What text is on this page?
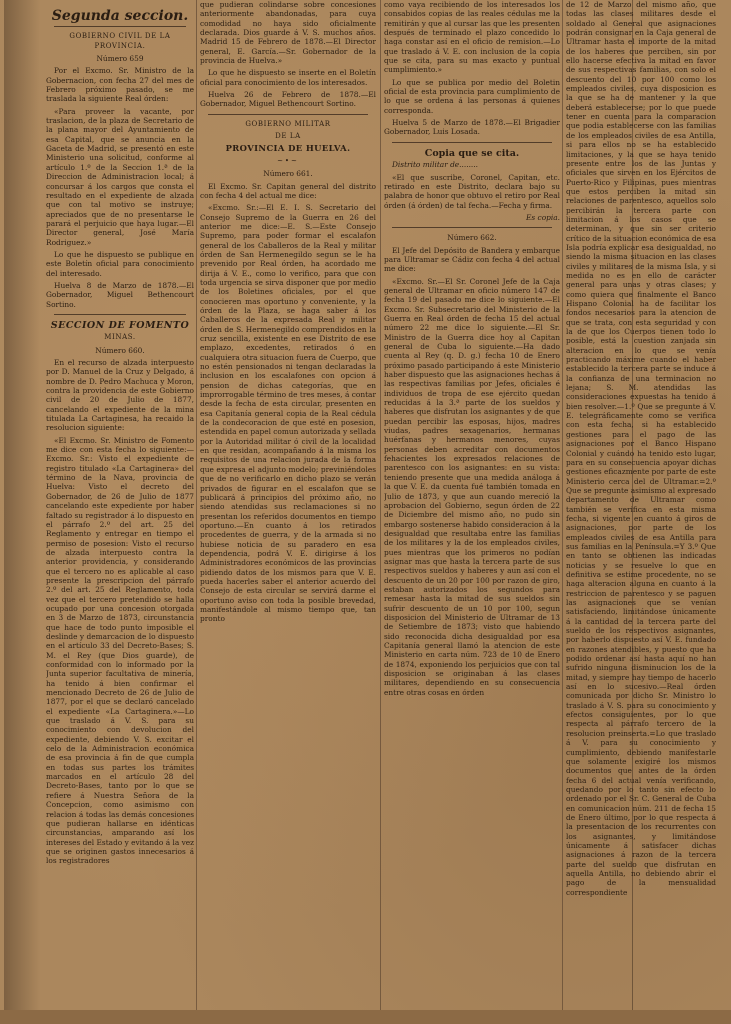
Segunda seccion.
GOBIERNO CIVIL DE LA PROVINCIA.
Número 659

Por el Excmo. Sr. Ministro de la Gobernacion, con fecha 27 del mes de Febrero próximo pasado, se me traslada la siguiente Real órden:

«Para proveer la vacante, por traslacion, de la plaza de Secretario de la plana mayor del Ayuntamiento de esa Capital, que se anuncia en la Gaceta de Madrid, se presentó en este Ministerio una solicitud, conforme al artículo 1.º de la Seccion 1.ª de la Direccion de Administracion local; á concursar á los cargos que consta el resultado en el expediente de alzada que con tal motivo se instruye; apreciados que de no presentarse le parará el perjuicio que haya lugar.—El Director general, José María Rodriguez.»

Lo que he dispuesto se publique en este Boletín oficial para conocimiento del interesado.

Huelva 8 de Marzo de 1878.—El Gobernador, Miguel Bethencourt Sortino.

SECCION DE FOMENTO
MINAS.
Número 660.

En el recurso de alzada interpuesto por D. Manuel de la Cruz y Delgado, á nombre de D. Pedro Machuca y Moron, contra la providencia de este Gobierno civil de 20 de Julio de 1877, cancelando el expediente de la mina titulada La Cartaginesa, ha recaido la resolucion siguiente:

«El Excmo. Sr. Ministro de Fomento me dice con esta fecha lo siguiente:—Excmo. Sr.: Visto el expediente de registro titulado «La Cartaginera» del término de la Nava, provincia de Huelva: Visto el decreto del Gobernador, de 26 de Julio de 1877 cancelando este expediente por haber faltado su registrador á lo dispuesto en el párrafo 2.º del art. 25 del Reglamento y entregar en tiempo el permiso de posesion: Visto el recurso de alzada interpuesto contra la anterior providencia, y considerando que el tercero no es aplicable al caso presente la prescripcion del párrafo 2.º del art. 25 del Reglamento, toda vez que el tercero pretendido se halla ocupado por una concesion otorgada en 3 de Marzo de 1873, circunstancia que hace de todo punto imposible el deslinde y demarcacion de lo dispuesto en el artículo 33 del Decreto-Bases; S. M. el Rey (que Dios guarde), de conformidad con lo informado por la Junta superior facultativa de minería, ha tenido á bien confirmar el mencionado Decreto de 26 de Julio de 1877, por el que se declaró cancelado el expediente «La Cartaginera.»—Lo que traslado á V. S. para su conocimiento con devolucion del expediente, debiendo V. S. excitar el celo de la Administracion económica de esa provincia á fin de que cumpla en todas sus partes los trámites marcados en el artículo 28 del Decreto-Bases, tanto por lo que se refiere á Nuestra Señora de la Concepcion, como asimismo con relacion á todas las demás concesiones que pudieran hallarse en idénticas circunstancias, amparando así los intereses del Estado y evitando á la vez que se originen gastos innecesarios á los registradores

que pudieran colindarse sobre concesiones anteriormente abandonadas, para cuya comodidad no haya sido oficialmente declarada. Dios guarde á V. S. muchos años. Madrid 15 de Febrero de 1878.—El Director general, E. García.—Sr. Gobernador de la provincia de Huelva.»

Lo que he dispuesto se inserte en el Boletín oficial para conocimiento de los interesados.

Huelva 26 de Febrero de 1878.—El Gobernador, Miguel Bethencourt Sortino.

GOBIERNO MILITAR
DE LA
PROVINCIA DE HUELVA.
~•~
Número 661.

El Excmo. Sr. Capitan general del distrito con fecha 4 del actual me dice:

«Excmo. Sr.:—El E. I. S. Secretario del Consejo Supremo de la Guerra en 26 del anterior me dice:—E. S.—Este Consejo Supremo, para poder formar el escalafon general de los Caballeros de la Real y militar órden de San Hermenegildo segun se le ha prevenido por Real órden, ha acordado me dirija á V. E., como lo verifico, para que con toda urgencia se sirva disponer que por medio de los Boletines oficiales, por el que conocieren mas oportuno y conveniente, y la órden de la Plaza, se haga saber á los Caballeros de la expresada Real y militar órden de S. Hermenegildo comprendidos en la cruz sencilla, existente en ese Distrito de ese emplazo, excedentes, retirados ó en cualquiera otra situacion fuera de Cuerpo, que no estén pensionados ni tengan declaradas la inclusion en los escalafones con opcion á pension de dichas categorías, que en improrrogable término de tres meses, á contar desde la fecha de esta circular, presenten en esa Capitanía general copia de la Real cédula de la condecoracion de que esté en posesion, estendida en papel comun autorizada y sellada por la Autoridad militar ó civil de la localidad en que residan, acompañando á la misma los requisitos de una relacion jurada de la forma que expresa el adjunto modelo; previniéndoles que de no verificarlo en dicho plazo se verán privados de figurar en el escalafon que se publicará á principios del próximo año, no siendo atendidas sus reclamaciones si no presentan los referidos documentos en tiempo oportuno.—En cuanto á los retirados procedentes de guerra, y de la armada si no hubiese noticia de su paradero en esa dependencia, podrá V. E. dirigirse á los Administradores económicos de las provincias pidiendo datos de los mismos para que V. E. pueda hacerles saber el anterior acuerdo del Consejo de esta circular se servirá darme el oportuno aviso con toda la posible brevedad, manifestándole al mismo tiempo que, tan pronto

como vaya recibiendo de los interesados los consabidos copias de las reales cédulas me la remitirán y que al cursar las que les presenten después de terminado el plazo concedido lo haga constar así en el oficio de remision.—Lo que traslado á V. E. con inclusion de la copia que se cita, para su mas exacto y puntual cumplimiento.»

Lo que se publica por medio del Boletin oficial de esta provincia para cumplimiento de lo que se ordena á las personas á quienes corresponda.

Huelva 5 de Marzo de 1878.—El Brigadier Gobernador, Luis Losada.

Copia que se cita.

Distrito militar de........

«El que suscribe, Coronel, Capitan, etc. retirado en este Distrito, declara bajo su palabra de honor que obtuvo el retiro por Real órden (á órden) de tal fecha.—Fecha y firma.

Es copia.

Número 662.

El Jefe del Depósito de Bandera y embarque para Ultramar se Cádiz con fecha 4 del actual me dice:

«Excmo. Sr.—El Sr. Coronel Jefe de la Caja general de Ultramar en oficio número 147 de fecha 19 del pasado me dice lo siguiente.—El Excmo. Sr. Subsecretario del Ministerio de la Guerra en Real órden de fecha 15 del actual número 22 me dice lo siguiente.—El Sr. Ministro de la Guerra dice hoy al Capitan general de Cuba lo siguiente.—Ha dado cuenta al Rey (q. D. g.) fecha 10 de Enero próximo pasado participando á este Ministerio haber dispuesto que las asignaciones hechas á las respectivas familias por Jefes, oficiales é individuos de tropa de ese ejército quedan reducidas á la 3.ª parte de los sueldos y haberes que disfrutan los asignantes y de que puedan percibir las esposas, hijos, madres viudas, padres sexagenarios, hermanas huérfanas y hermanos menores, cuyas personas deben acreditar con documentos fehacientes los expresados relaciones de parentesco con los asignantes: en su vista: teniendo presente que una medida análoga á la que V. E. da cuenta fué también tomada en Julio de 1873, y que aun cuando mereció la aprobacion del Gobierno, segun órden de 22 de Diciembre del mismo año, no pudo sin embargo sostenerse habido consideracion á la desigualdad que resultaba entre las familias de los militares y la de los empleados civiles, pues mientras que los primeros no podían asignar mas que hasta la tercera parte de sus respectivos sueldos y haberes y aun así con el descuento de un 20 por 100 por razon de giro, estaban autorizados los segundos para remesar hasta la mitad de sus sueldos sin sufrir descuento de un 10 por 100, segun disposicion del Ministerio de Ultramar de 13 de Setiembre de 1873; visto que habiendo sido reconocida dicha desigualdad por esa Capitanía general llamó la atencion de este Ministerio en carta núm. 723 de 10 de Enero de 1874, exponiendo los perjuicios que con tal disposicion se originaban á las clases militares, dependiendo en su consecuencia entre otras cosas en órden

de 12 de Marzo del mismo año, que todas las clases militares desde el soldado al General que asignaciones podrán consignar en la Caja general de Ultramar hasta el importe de la mitad de los haberes que perciben, sin por ello hacerse efectiva la mitad en favor de sus respectivas familias, con solo el descuento del 10 por 100 como los empleados civiles, cuya disposicion es la que se ha de mantener y la que deberá establecerse; por lo que puede tener en cuenta para la comparacion que podia establecerse con las familias de los empleados civiles de esa Antilla, si para ellos no se ha establecido limitaciones, y la que se haya tenido presente entre los de las Juntas y oficiales que sirven en los Ejércitos de Puerto-Rico y Filipinas, pues mientras que estos perciben la mitad sin relaciones de parentesco, aquellos solo percibirán la tercera parte con limitacion á los casos que se determinan, y que sin ser criterio crítico de la situacion económica de esa Isla podría explicar esa desigualdad, no siendo la misma situacion en las clases civiles y militares de la misma Isla, y si medida no es en ello de carácter general para unas y otras clases; y como quiera que finalmente el Banco Hispano Colonial ha de facilitar los fondos necesarios para la atencion de que se trata, con esta seguridad y con la de que los Cuerpos tienen todo lo posible, está la cuestion zanjada sin alteracion en lo que se venía practicando máxime cuando el haber establecido la tercera parte se induce á la confianza de una terminacion no lejana; S. M. atendidas las consideraciones expuestas ha tenido á bien resolver.—1.º Que se pregunte á V. E. telegráficamente como se verifica con esta fecha, si ha establecido gestiones para el pago de las asignaciones por el Banco Hispano Colonial y cuándo ha tenido esto lugar, para en su consecuencia apoyar dichas gestiones eficazmente por parte de este Ministerio cerca del de Ultramar.=2.º Que se pregunte asimismo al expresado departamento de Ultramar como también se verifica en esta misma fecha, si vigente en cuanto á giros de asignaciones, por parte de los empleados civiles de esa Antilla para sus familias en la Península.=Y 3.º Que en tanto se obtienen las indicadas noticias y se resuelve lo que en definitiva se estime procedente, no se haga alteracion alguna en cuanto á la restriccion de parentesco y se paguen las asignaciones que se venían satisfaciendo, limitándose únicamente á la cantidad de la tercera parte del sueldo de los respectivos asignantes, por haberlo dispuesto así V. E. fundado en razones atendibles, y puesto que ha podido ordenar así hasta aquí no han sufrido ninguna disminucion los de la mitad, y siempre hay tiempo de hacerlo así en lo sucesivo.—Real órden comunicada por dicho Sr. Ministro lo traslado á V. S. para su conocimiento y efectos consiguientes, por lo que respecta al párrafo tercero de la resolucion preinserta.=Lo que traslado á V. para su conocimiento y cumplimiento, debiendo manifestarle que solamente exigiré los mismos documentos que antes de la órden fecha 6 del actual venía verificando, quedando por lo tanto sin efecto lo ordenado por el Sr. C. General de Cuba en comunicacion núm. 211 de fecha 15 de Enero último, por lo que respecta á la presentacion de los recurrentes con los asignantes, y limitándose únicamente á satisfacer dichas asignaciones á razon de la tercera parte del sueldo que disfrutan en aquella Antilla, no debiendo abrir el pago de la mensualidad correspondiente
